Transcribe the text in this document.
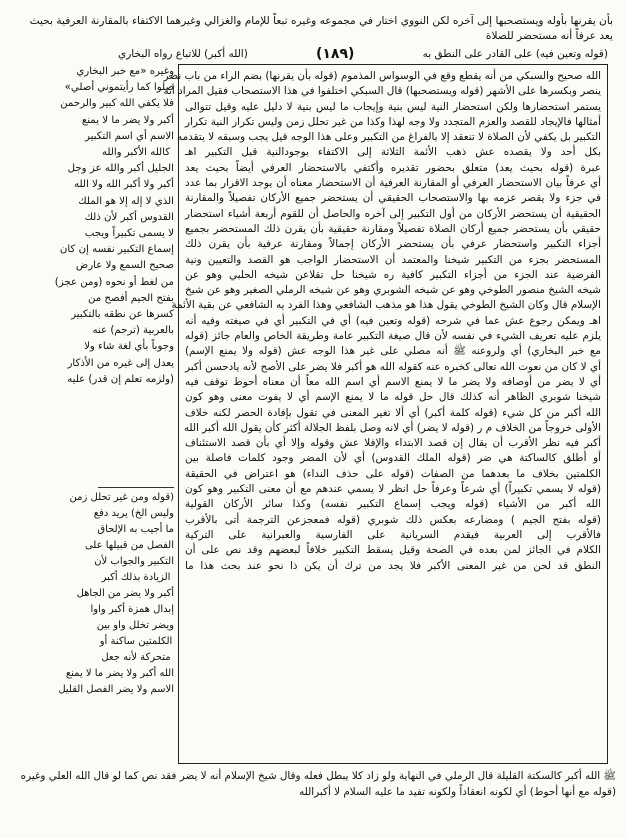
بأن يقرنها بأوله ويستصحبها إلى آخره لكن النووي اختار في مجموعه وغيره تبعاً للإمام والغزالي وغيرهما الاكتفاء بالمقارنة العرفية بحيث
يعد عرفاً أنه مستحضر للصلاة
(قوله وتعين فيه) على القادر على النطق به
(١٨٩)
(الله أكبر) للاتباع رواه البخاري

الله صحيح والسبكي من أنه يقطع وقع في الوسواس المذموم (قوله بأن يقرنها) بضم الراء من باب نصر

ينصر وبكسرها على الأشهر (قوله ويستصحبها) قال السبكي اختلفوا في هذا الاستصحاب فقيل المراد أنه

يستمر استحضارها ولكن استحضار النية ليس بنية وإيجاب ما ليس بنية لا دليل عليه وقيل تتوالى

أمثالها فالإيجاد للقصد والعزم المتجدد ولا وجه لهذا وكذا من غير تحلل زمن وليس تكرار النية تكرار

التكبير بل يكفي لأن الصلاة لا تنعقد إلا بالفراغ من التكبير وعلى هذا الوجه قيل يجب وسبقه لا يتقدمه

بكل أحد ولا يقصده عش ذهب الأئمة الثلاثة إلى الاكتفاء بوجودالنية قبل التكبير اهـ

عبرة (قوله بحيث يعد) متعلق بحضور تقديره وأكتفي بالاستحضار العرفي أيضاً بحيث يعد

أي عرفاً بيان الاستحضار العرفي أو المقارنة العرفية أن الاستحضار معناه أن يوجد الاقرار بما عدد

في جزء ولا يقصر عزمه بها والاستصحاب الحقيقي أن يستحضر جميع الأركان تفصيلاً والمقارنة

الحقيقية أن يستحضر الأركان من أول التكبير إلى آخره والحاصل أن للقوم أربعة أشياء استحضار

حقيقي بأن يستحضر جميع أركان الصلاة تفصيلاً ومقارنة حقيقية بأن يقرن ذلك المستحضر بجميع

أجزاء التكبير واستحضار عرفي بأن يستحضر الأركان إجمالاً ومقارنة عرفية بأن يقرن ذلك

المستحضر بجزء من التكبير شيخنا والمعتمد أن الاستحضار الواجب هو القصد والتعيين ونية

الفرضية عند الجزء من أجزاء التكبير كافية ره شيخنا حل تقلاعن شيخه الحلبي وهو عن

شيخه الشيخ منصور الطوخي وهو عن شيخه الشوبري وهو عن شيخه الرملي الصغير وهو عن شيخ

الإسلام قال وكان الشيخ الطوخي يقول هذا هو مذهب الشافعي وهذا الفرد يه الشافعي عن بقية الأئمة

اهـ ويمكن رجوع عش عما في شرحه (قوله وتعين فيه) أي في التكبير أي في صيغته وفيه أنه

يلزم عليه تعريف الشيء في نفسه لأن قال صيغة التكبير عامة وطريقة الخاص والعام جائز (قوله

مع خبر البخاري) أي ولروعنه ﷺ أنه مصلي على غير هذا الوجه عش (قوله ولا يمنع الإسم)

أي لا كان من نعوت الله تعالى كخبره عنه كقوله الله هو أكبر فلا يضر على الأصح لأنه يادحسن أكبر

أي لا يضر من أوصافه ولا يضر ما لا يمنع الاسم أي اسم الله معاً أن معناه أحوط توقف فيه

شيخنا شوبري الظاهر أنه كذلك قال حل قوله ما لا يمنع الإسم أي لا يفوت معنى وهو كون

الله أكبر من كل شيء (قوله كلمة أكبر) أي ألا تغير المعنى في تقول بإفادة الحصر لكنه خلاف

الأولى خروجاً من الخلاف م ر (قوله لا يضر) أي لانه وصل بلفظ الجلالة أكثر كأن يقول الله أكبر الله

أكبر فيه نظر الأقرب أن يقال إن قصد الابتداء والإفلا عش وقوله وإلا أي بأن قصد الاستئناف

أو أطلق كالساكتة هي ضر (قوله الملك القدوس) أي لأن المضر وجود كلمات فاصلة بين

الكلمتين بخلاف ما بعدهما من الصفات (قوله على حذف النداء) هو اعتراض في الحقيقة

(قوله لا يسمي تكبيراً) أي شرعاً وعرفاً حل انظر لا يسمي عندهم مع أن معنى التكبير وهو كون

الله أكبر من الأشياء (قوله ويجب إسماع التكبير نفسه) وكذا سائر الأركان القولية

(قوله بفتح الجيم ) ومضارعه بعكس ذلك شوبري (قوله فمعجزعن الترجمة أتى بالأقرب

فالأقرب إلى العربية فيقدم السريانية على الفارسية والعبرانية على التركية

الكلام في الجائز لمن بعده في الصحة وقيل يسقط التكبير خلافاً لبعضهم وقد نص على أن

النطق قد لحن من غير المعنى الأكبر فلا يجد من ترك أن يكن ذا نحو عند بحث هذا ما

وغيره «مع خبر البخاري

صلوا كما رأيتموني أصلي»

فلا يكفي الله كبير والرحمن

أكبر ولا يضر ما لا يمنع

الاسم أي اسم التكبير

كالله الأكبر والله

الجليل أكبر والله عز وجل

أكبر ولا أكبر الله ولا الله

الذي لا إله إلا هو الملك

القدوس أكبر لأن ذلك

لا يسمى تكبيراً ويجب

إسماع التكبير نفسه إن كان

صحيح السمع ولا عارض

من لغط أو نحوه (ومن عجز)

بفتح الجيم أفصح من

كسرها عن نطقه بالتكبير

بالعربية (ترجم) عنه

وجوباً بأي لغة شاء ولا

يعدل إلى غيره من الأذكار

(ولزمه تعلم إن قدر) عليه

(قوله ومن غير تحلل زمن

وليس الخ) يريد دفع

ما أجيب به الإلحاق

الفصل من قبيلها على

التكبير والجواب لأن

الزيادة بذلك أكبر

أكبر ولا يضر من الجاهل

إبدال همزة أكبر واوا

ويضر تخلل واو بين

الكلمتين ساكنة أو

متحركة لأنه جعل

الله أكبر ولا يضر ما لا يمنع

الاسم ولا يضر الفصل القليل

ﷺ الله أكبر كالسكتة القليلة قال الرملي في النهاية ولو زاد كلا يبطل فعله وقال شيخ الإسلام أنه لا يضر فقد نص كما لو قال الله العلي وغيره

(قوله مع أنها أحوط) أي لكونه انعقاداً ولكونه تفيد ما عليه السلام لا أكبرالله
